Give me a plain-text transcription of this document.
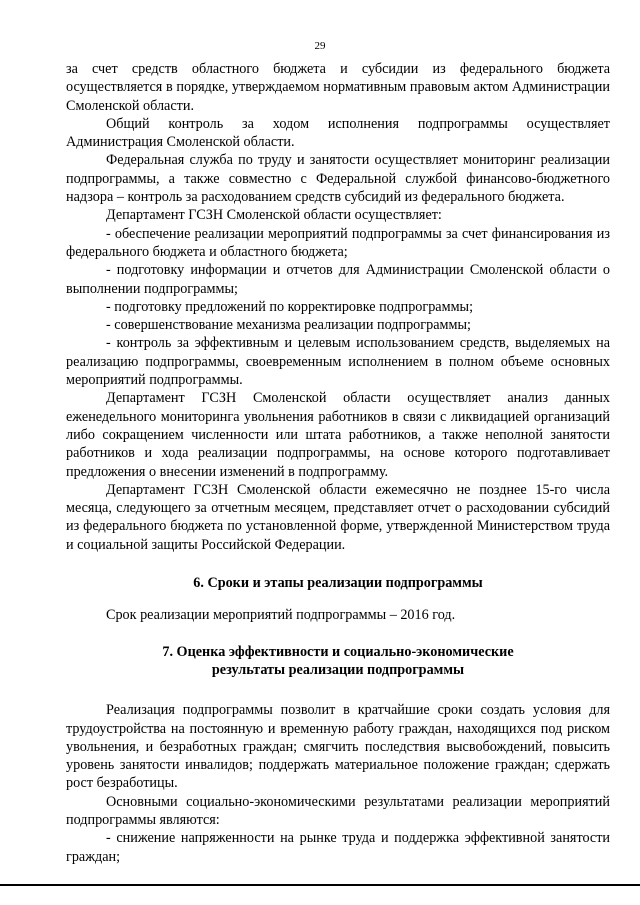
29

за счет средств областного бюджета и субсидии из федерального бюджета осуществляется в порядке, утверждаемом нормативным правовым актом Администрации Смоленской области.

Общий контроль за ходом исполнения подпрограммы осуществляет Администрация Смоленской области.

Федеральная служба по труду и занятости осуществляет мониторинг реализации подпрограммы, а также совместно с Федеральной службой финансово-бюджетного надзора – контроль за расходованием средств субсидий из федерального бюджета.

Департамент ГСЗН Смоленской области осуществляет:

- обеспечение реализации мероприятий подпрограммы за счет финансирования из федерального бюджета и областного бюджета;

- подготовку информации и отчетов для Администрации Смоленской области о выполнении подпрограммы;

- подготовку предложений по корректировке подпрограммы;

- совершенствование механизма реализации подпрограммы;

- контроль за эффективным и целевым использованием средств, выделяемых на реализацию подпрограммы, своевременным исполнением в полном объеме основных мероприятий подпрограммы.

Департамент ГСЗН Смоленской области осуществляет анализ данных еженедельного мониторинга увольнения работников в связи с ликвидацией организаций либо сокращением численности или штата работников, а также неполной занятости работников и хода реализации подпрограммы, на основе которого подготавливает предложения о внесении изменений в подпрограмму.

Департамент ГСЗН Смоленской области ежемесячно не позднее 15-го числа месяца, следующего за отчетным месяцем, представляет отчет о расходовании субсидий из федерального бюджета по установленной форме, утвержденной Министерством труда и социальной защиты Российской Федерации.

6. Сроки и этапы реализации подпрограммы

Срок реализации мероприятий подпрограммы – 2016 год.

7. Оценка эффективности и социально-экономические
результаты реализации подпрограммы

Реализация подпрограммы позволит в кратчайшие сроки создать условия для трудоустройства на постоянную и временную работу граждан, находящихся под риском увольнения, и безработных граждан; смягчить последствия высвобождений, повысить уровень занятости инвалидов; поддержать материальное положение граждан; сдержать рост безработицы.

Основными социально-экономическими результатами реализации мероприятий подпрограммы являются:

- снижение напряженности на рынке труда и поддержка эффективной занятости граждан;
